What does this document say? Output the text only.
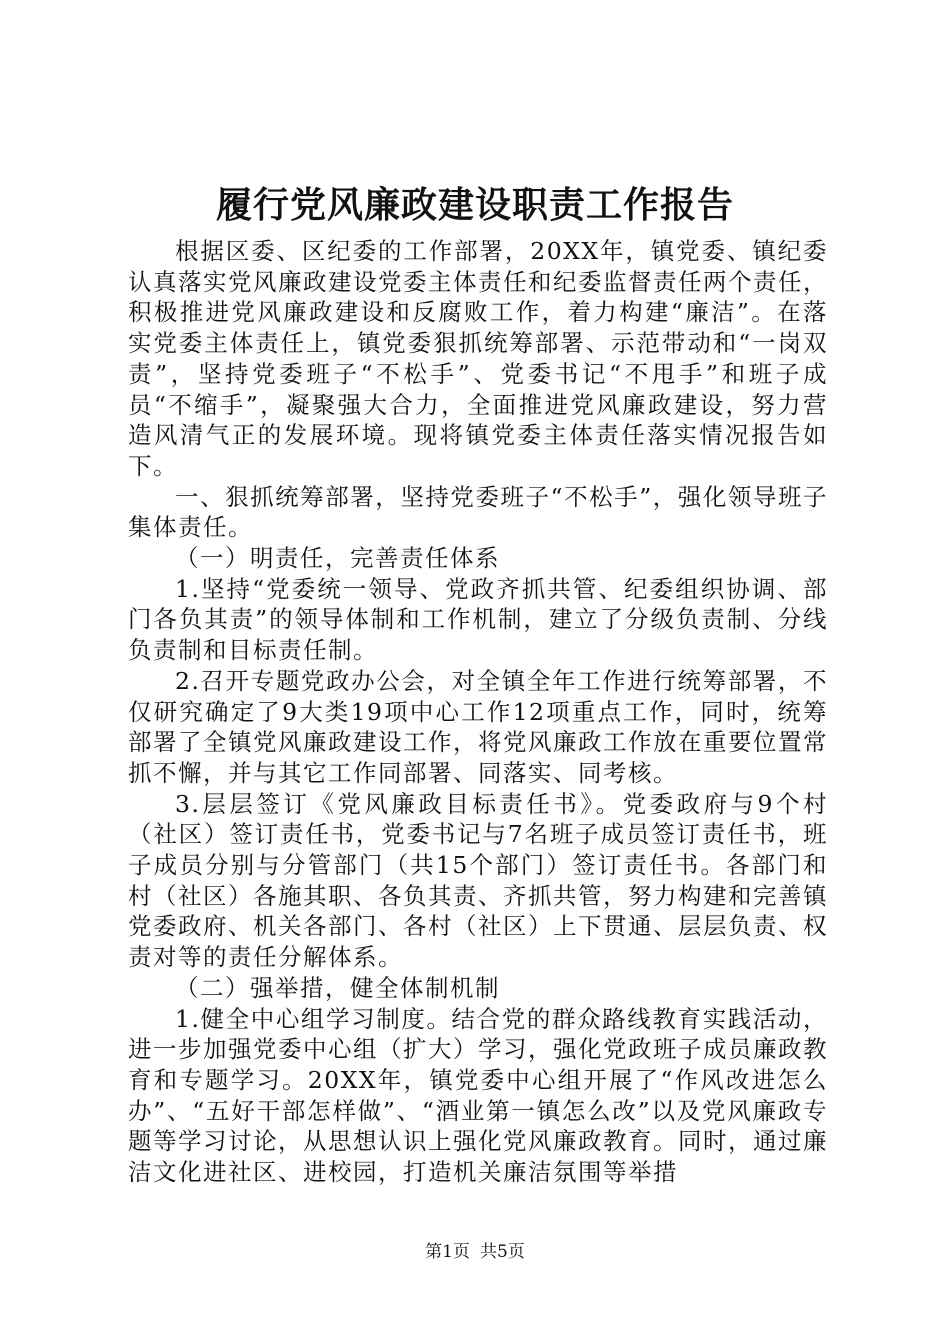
履行党风廉政建设职责工作报告

根据区委、区纪委的工作部署，20XX年，镇党委、镇纪委认真落实党风廉政建设党委主体责任和纪委监督责任两个责任，积极推进党风廉政建设和反腐败工作，着力构建“廉洁”。在落实党委主体责任上，镇党委狠抓统筹部署、示范带动和“一岗双责”，坚持党委班子“不松手”、党委书记“不甩手”和班子成员“不缩手”，凝聚强大合力，全面推进党风廉政建设，努力营造风清气正的发展环境。现将镇党委主体责任落实情况报告如下。

一、狠抓统筹部署，坚持党委班子“不松手”，强化领导班子集体责任。

（一）明责任，完善责任体系

1.坚持“党委统一领导、党政齐抓共管、纪委组织协调、部门各负其责”的领导体制和工作机制，建立了分级负责制、分线负责制和目标责任制。

2.召开专题党政办公会，对全镇全年工作进行统筹部署，不仅研究确定了9大类19项中心工作12项重点工作，同时，统筹部署了全镇党风廉政建设工作，将党风廉政工作放在重要位置常抓不懈，并与其它工作同部署、同落实、同考核。

3.层层签订《党风廉政目标责任书》。党委政府与9个村（社区）签订责任书，党委书记与7名班子成员签订责任书，班子成员分别与分管部门（共15个部门）签订责任书。各部门和村（社区）各施其职、各负其责、齐抓共管，努力构建和完善镇党委政府、机关各部门、各村（社区）上下贯通、层层负责、权责对等的责任分解体系。

（二）强举措，健全体制机制

1.健全中心组学习制度。结合党的群众路线教育实践活动，进一步加强党委中心组（扩大）学习，强化党政班子成员廉政教育和专题学习。20XX年，镇党委中心组开展了“作风改进怎么办”、“五好干部怎样做”、“酒业第一镇怎么改”以及党风廉政专题等学习讨论，从思想认识上强化党风廉政教育。同时，通过廉洁文化进社区、进校园，打造机关廉洁氛围等举措

第1页 共5页
